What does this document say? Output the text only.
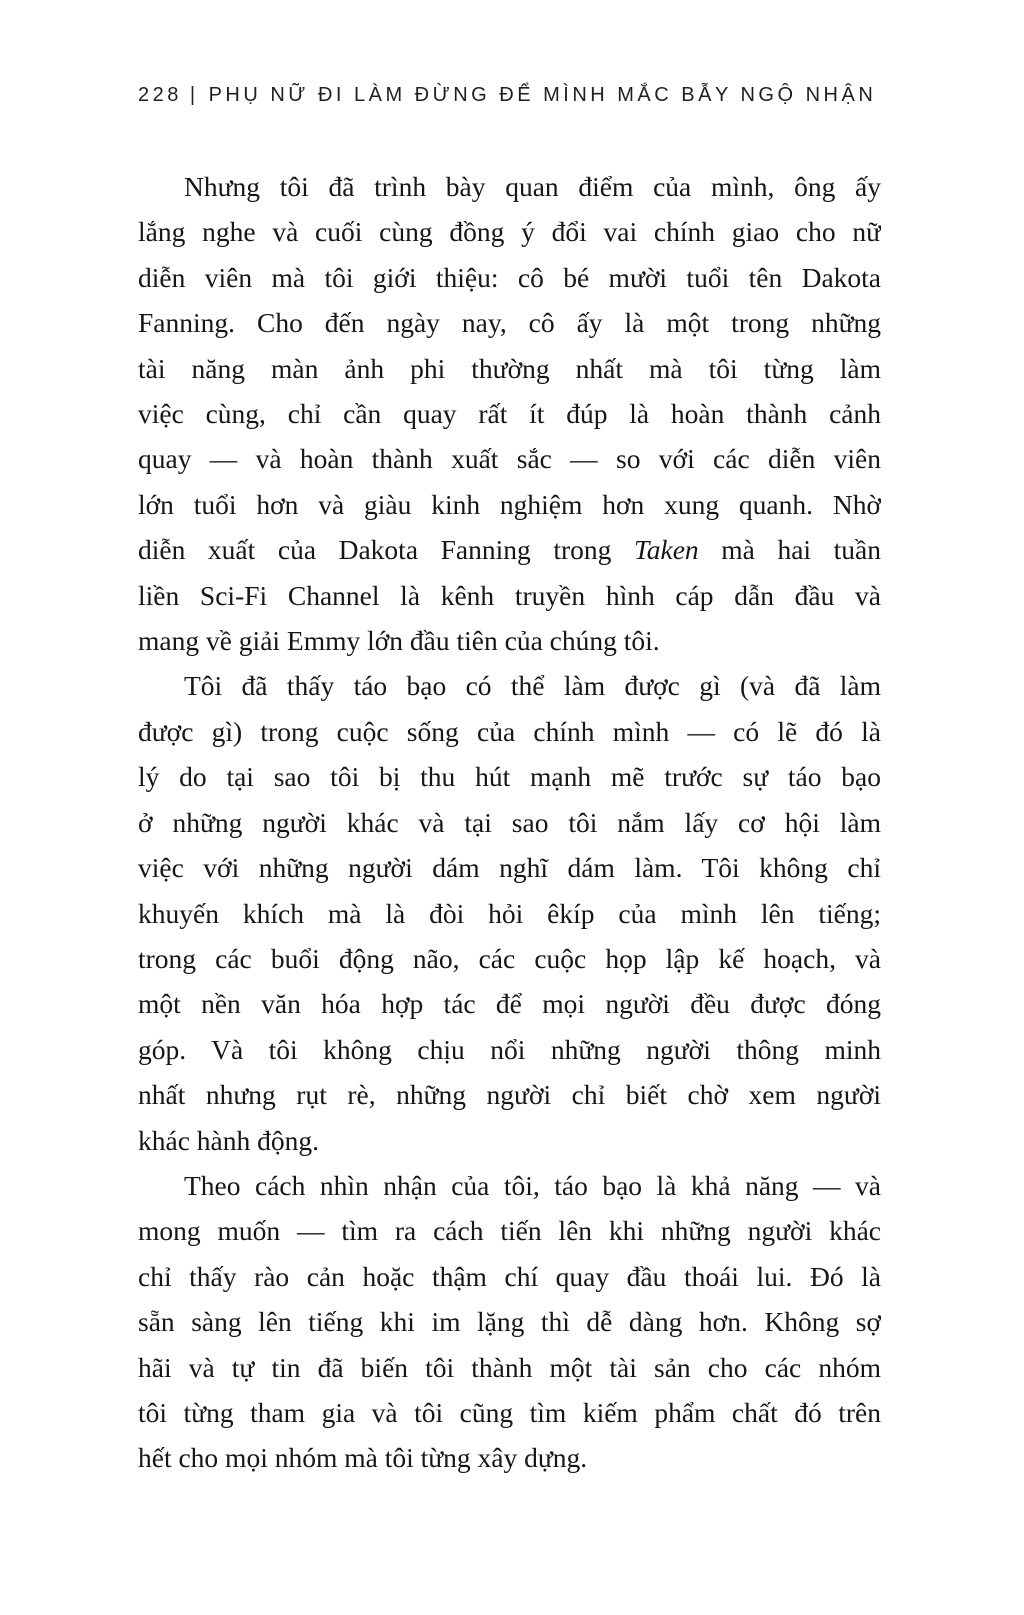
228 | PHỤ NỮ ĐI LÀM ĐỪNG ĐỂ MÌNH MẮC BẪY NGỘ NHẬN
Nhưng tôi đã trình bày quan điểm của mình, ông ấy
lắng nghe và cuối cùng đồng ý đổi vai chính giao cho nữ
diễn viên mà tôi giới thiệu: cô bé mười tuổi tên Dakota
Fanning. Cho đến ngày nay, cô ấy là một trong những
tài năng màn ảnh phi thường nhất mà tôi từng làm
việc cùng, chỉ cần quay rất ít đúp là hoàn thành cảnh
quay — và hoàn thành xuất sắc — so với các diễn viên
lớn tuổi hơn và giàu kinh nghiệm hơn xung quanh. Nhờ
diễn xuất của Dakota Fanning trong Taken mà hai tuần
liền Sci-Fi Channel là kênh truyền hình cáp dẫn đầu và
mang về giải Emmy lớn đầu tiên của chúng tôi.
Tôi đã thấy táo bạo có thể làm được gì (và đã làm
được gì) trong cuộc sống của chính mình — có lẽ đó là
lý do tại sao tôi bị thu hút mạnh mẽ trước sự táo bạo
ở những người khác và tại sao tôi nắm lấy cơ hội làm
việc với những người dám nghĩ dám làm. Tôi không chỉ
khuyến khích mà là đòi hỏi êkíp của mình lên tiếng;
trong các buổi động não, các cuộc họp lập kế hoạch, và
một nền văn hóa hợp tác để mọi người đều được đóng
góp. Và tôi không chịu nổi những người thông minh
nhất nhưng rụt rè, những người chỉ biết chờ xem người
khác hành động.
Theo cách nhìn nhận của tôi, táo bạo là khả năng — và
mong muốn — tìm ra cách tiến lên khi những người khác
chỉ thấy rào cản hoặc thậm chí quay đầu thoái lui. Đó là
sẵn sàng lên tiếng khi im lặng thì dễ dàng hơn. Không sợ
hãi và tự tin đã biến tôi thành một tài sản cho các nhóm
tôi từng tham gia và tôi cũng tìm kiếm phẩm chất đó trên
hết cho mọi nhóm mà tôi từng xây dựng.
